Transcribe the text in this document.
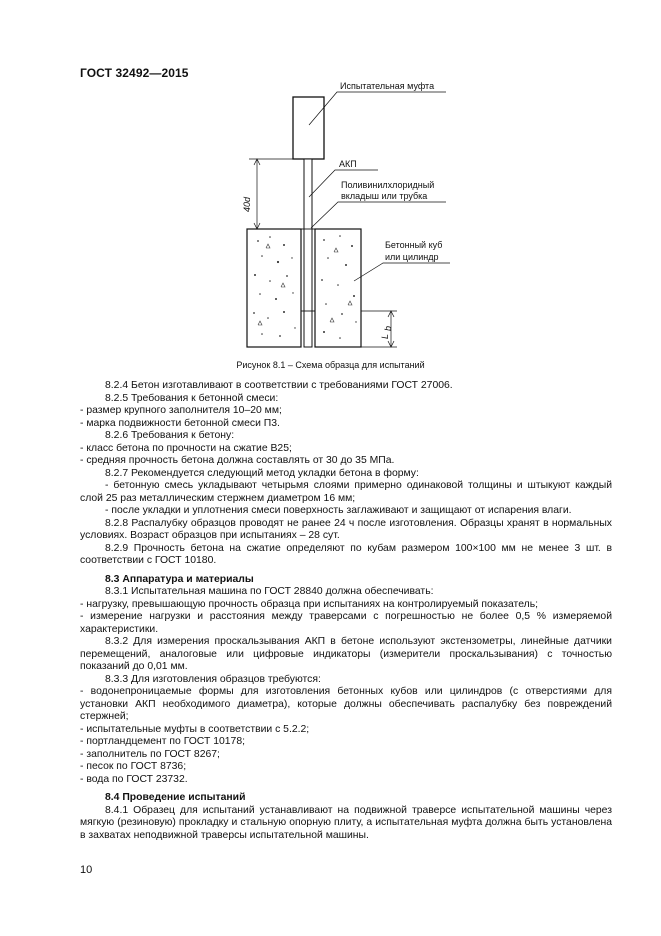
ГОСТ 32492—2015
Испытательная муфта
АКП
Поливинилхлоридный
вкладыш или трубка
Бетонный куб
или цилиндр
40d
L
b
Рисунок 8.1 – Схема образца для испытаний

8.2.4 Бетон изготавливают в соответствии с требованиями ГОСТ 27006.

8.2.5 Требования к бетонной смеси:

- размер крупного заполнителя 10–20 мм;

- марка подвижности бетонной смеси П3.

8.2.6 Требования к бетону:

- класс бетона по прочности на сжатие В25;

- средняя прочность бетона должна составлять от 30 до 35 МПа.

8.2.7 Рекомендуется следующий метод укладки бетона в форму:

- бетонную смесь укладывают четырьмя слоями примерно одинаковой толщины и штыкуют каждый слой 25 раз металлическим стержнем диаметром 16 мм;

- после укладки и уплотнения смеси поверхность заглаживают и защищают от испарения влаги.

8.2.8 Распалубку образцов проводят не ранее 24 ч после изготовления. Образцы хранят в нормальных условиях. Возраст образцов при испытаниях – 28 сут.

8.2.9 Прочность бетона на сжатие определяют по кубам размером 100×100 мм не менее 3 шт. в соответствии с ГОСТ 10180.

8.3 Аппаратура и материалы

8.3.1 Испытательная машина по ГОСТ 28840 должна обеспечивать:

- нагрузку, превышающую прочность образца при испытаниях на контролируемый показатель;

- измерение нагрузки и расстояния между траверсами с погрешностью не более 0,5 % измеряемой характеристики.

8.3.2 Для измерения проскальзывания АКП в бетоне используют экстензометры, линейные датчики перемещений, аналоговые или цифровые индикаторы (измерители проскальзывания) с точностью показаний до 0,01 мм.

8.3.3 Для изготовления образцов требуются:

- водонепроницаемые формы для изготовления бетонных кубов или цилиндров (с отверстиями для установки АКП необходимого диаметра), которые должны обеспечивать распалубку без повреждений стержней;

- испытательные муфты в соответствии с 5.2.2;

- портландцемент по ГОСТ 10178;

- заполнитель по ГОСТ 8267;

- песок по ГОСТ 8736;

- вода по ГОСТ 23732.

8.4 Проведение испытаний

8.4.1 Образец для испытаний устанавливают на подвижной траверсе испытательной машины через мягкую (резиновую) прокладку и стальную опорную плиту, а испытательная муфта должна быть установлена в захватах неподвижной траверсы испытательной машины.

10
